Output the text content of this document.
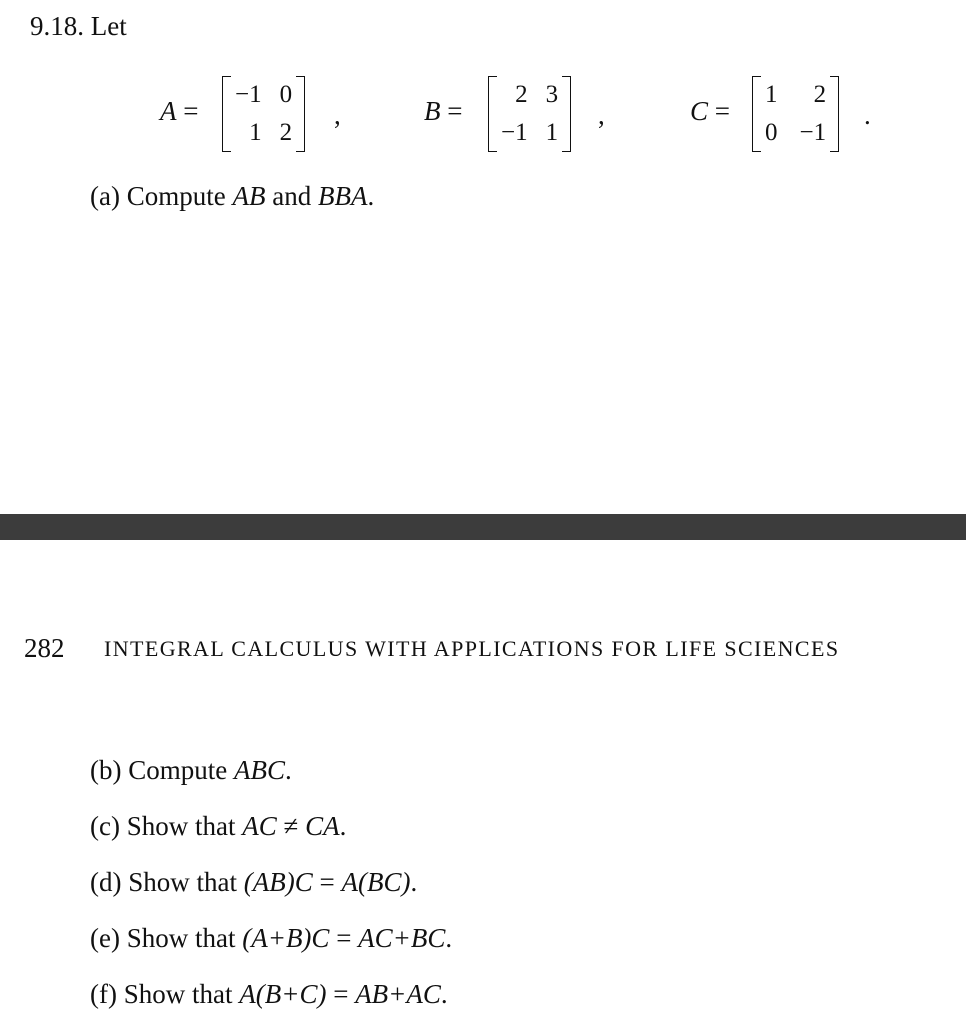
9.18. Let
A =
−1 0
1 2
,	B =
2 3
−1 1
,	C =
1	2
0 −1
.
(a) Compute AB and BBA.
282 INTEGRAL CALCULUS WITH APPLICATIONS FOR LIFE SCIENCES
(b) Compute ABC.
(c) Show that AC ≠ CA.
(d) Show that (AB)C = A(BC).
(e) Show that (A+B)C = AC+BC.
(f) Show that A(B+C) = AB+AC.
